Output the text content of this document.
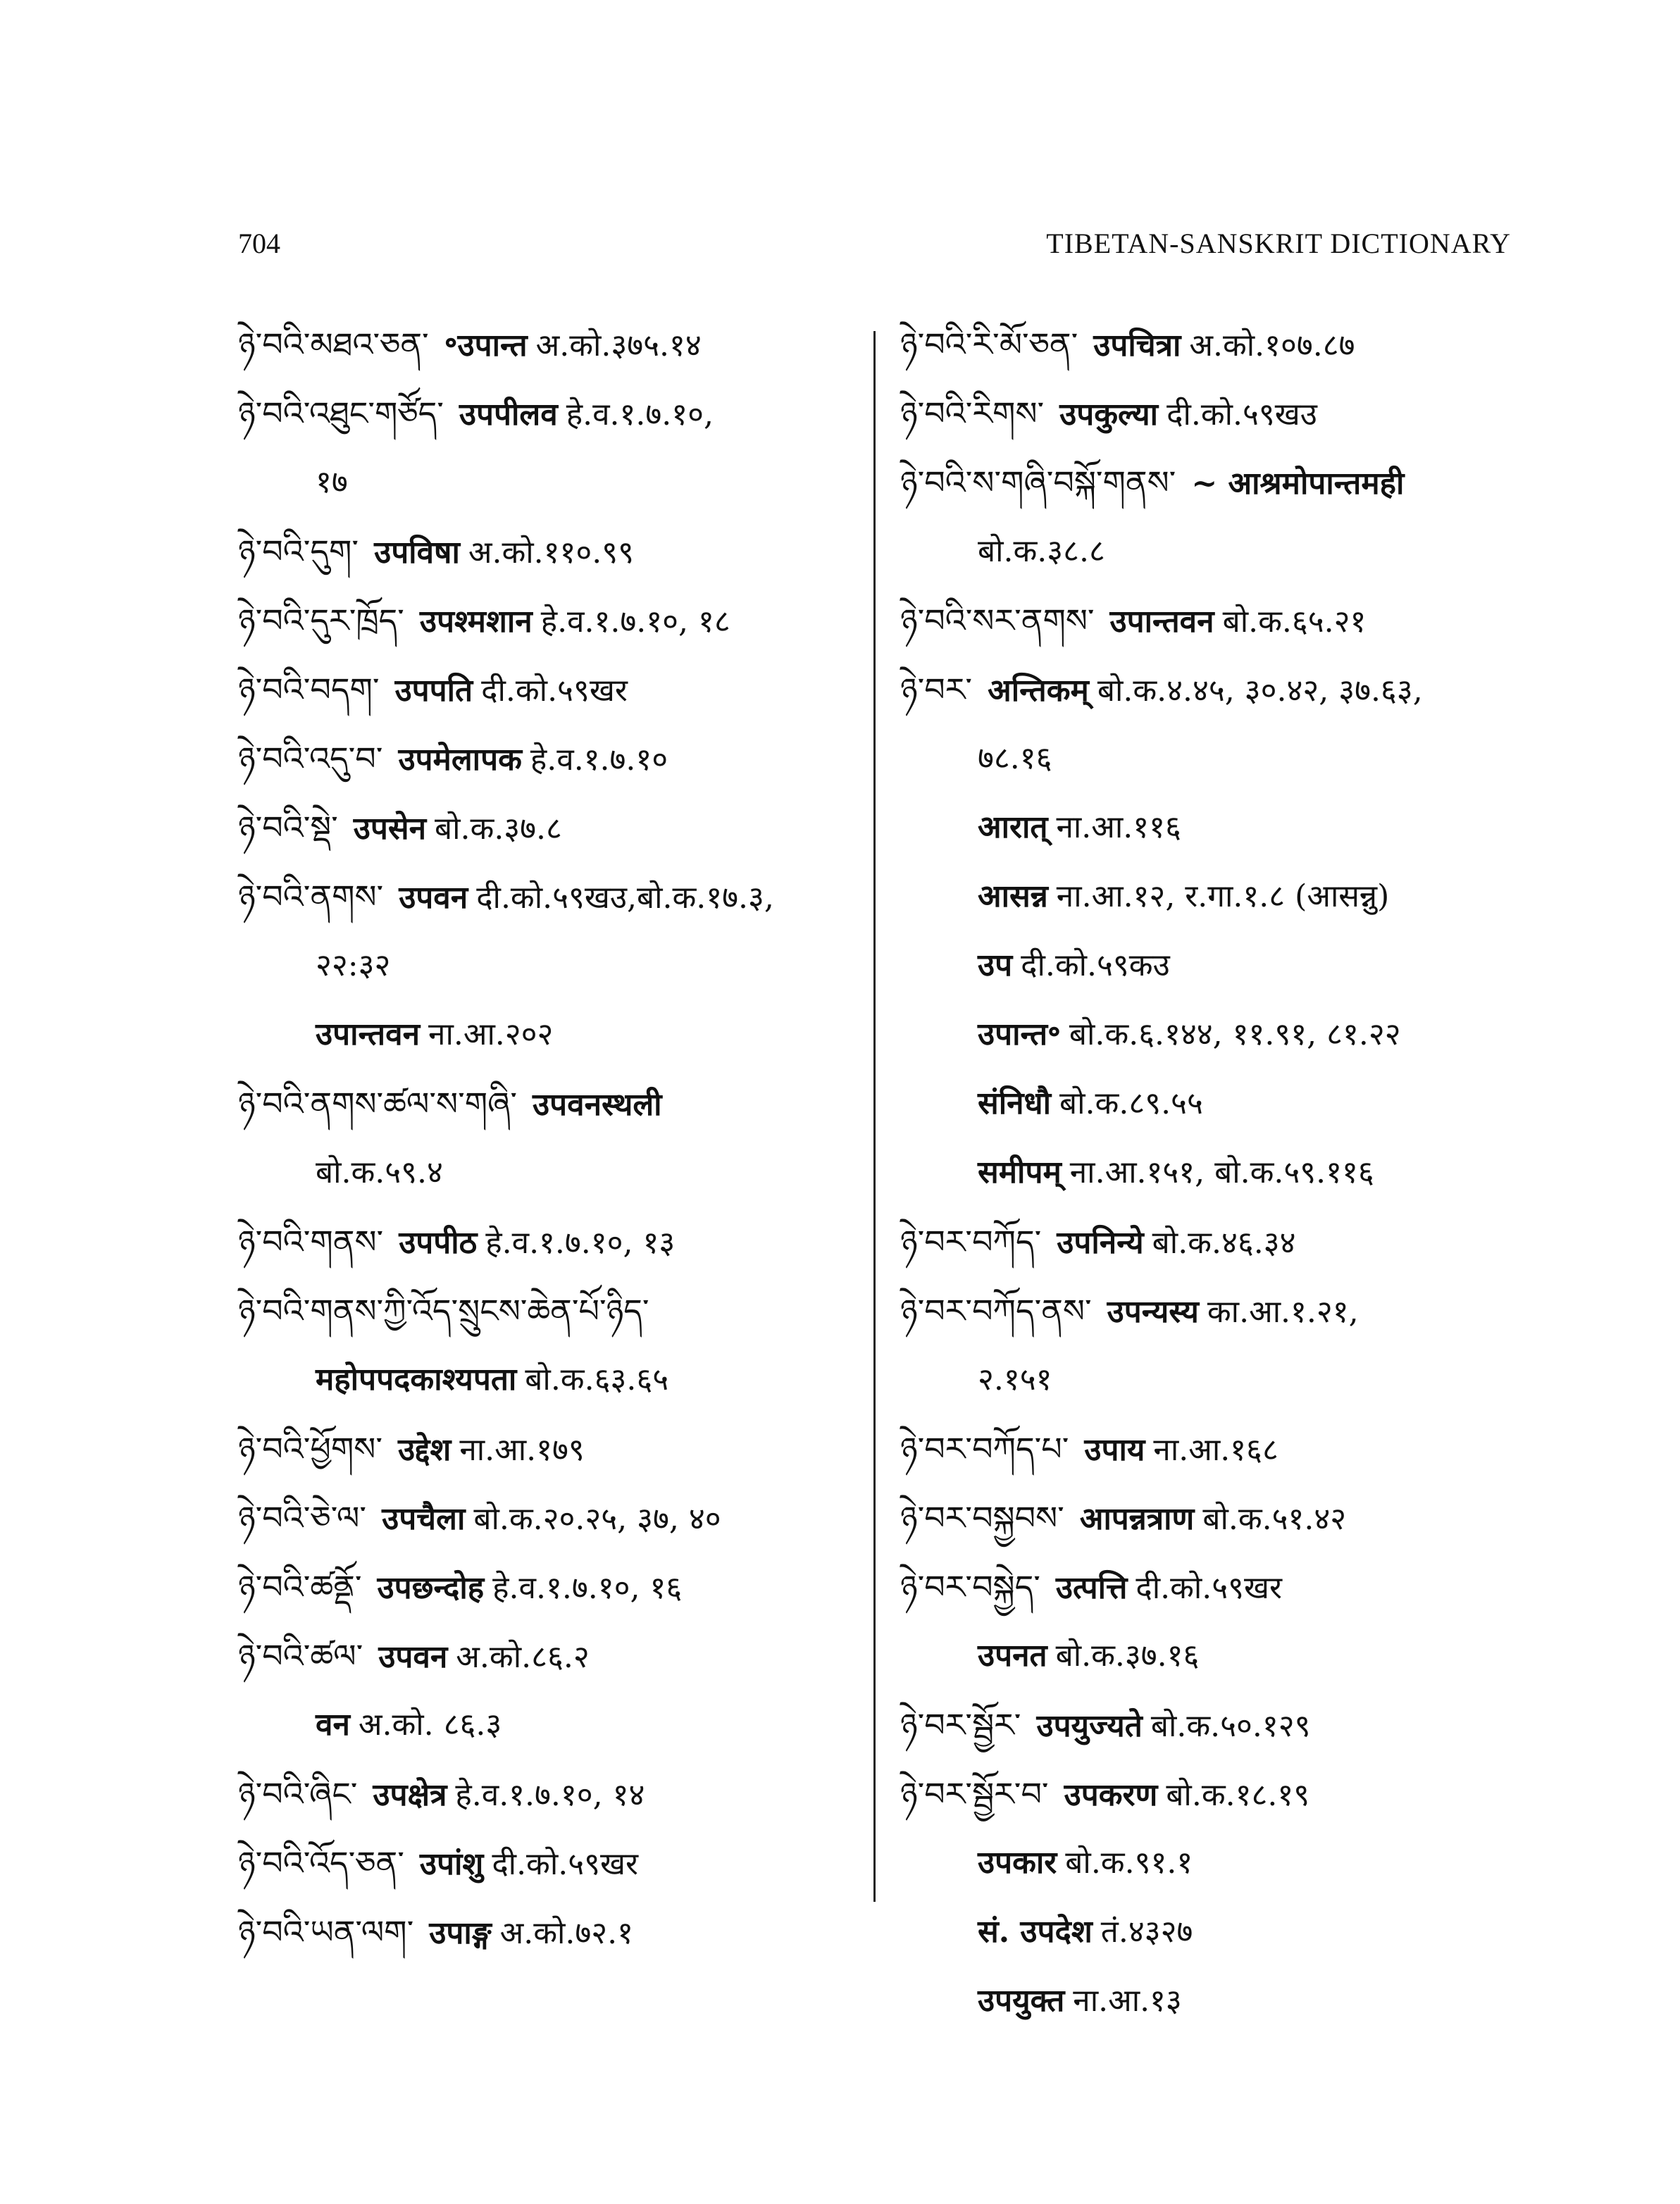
704	TIBETAN-SANSKRIT DICTIONARY
ཉེ་བའི་མཐའ་ཅན་ ॰उपान्त अ.को.३७५.१४
ཉེ་བའི་འཐུང་གཙོད་ उपपीलव हे.व.१.७.१०,
१७
ཉེ་བའི་དུག་ उपविषा अ.को.११०.९९
ཉེ་བའི་དུར་ཁྲོད་ उपश्मशान हे.व.१.७.१०, १८
ཉེ་བའི་བདག་ उपपति दी.को.५९खर
ཉེ་བའི་འདུ་བ་ उपमेलापक हे.व.१.७.१०
ཉེ་བའི་སྡེ་ उपसेन बो.क.३७.८
ཉེ་བའི་ནགས་ उपवन दी.को.५९खउ,बो.क.१७.३,
२२:३२
उपान्तवन ना.आ.२०२
ཉེ་བའི་ནགས་ཚལ་ས་གཞི་ उपवनस्थली
बो.क.५९.४
ཉེ་བའི་གནས་ उपपीठ हे.व.१.७.१०, १३
ཉེ་བའི་གནས་ཀྱི་འོད་སྲུངས་ཆེན་པོ་ཉིད་
महोपपदकाश्यपता बो.क.६३.६५
ཉེ་བའི་ཕྱོགས་ उद्देश ना.आ.१७९
ཉེ་བའི་ཅེ་ལ་ उपचैला बो.क.२०.२५, ३७, ४०
ཉེ་བའི་ཚནྡོ་ उपछन्दोह हे.व.१.७.१०, १६
ཉེ་བའི་ཚལ་ उपवन अ.को.८६.२
वन अ.को. ८६.३
ཉེ་བའི་ཞིང་ उपक्षेत्र हे.व.१.७.१०, १४
ཉེ་བའི་འོད་ཅན་ उपांशु दी.को.५९खर
ཉེ་བའི་ཡན་ལག་ उपाङ्ग अ.को.७२.१
ཉེ་བའི་རི་མོ་ཅན་ उपचित्रा अ.को.१०७.८७
ཉེ་བའི་རིགས་ उपकुल्या दी.को.५९खउ
ཉེ་བའི་ས་གཞི་བསྐོ་གནས་ ~ आश्रमोपान्तमही
बो.क.३८.८
ཉེ་བའི་སར་ནགས་ उपान्तवन बो.क.६५.२१
ཉེ་བར་ अन्तिकम् बो.क.४.४५, ३०.४२, ३७.६३,
७८.१६
आरात् ना.आ.११६
आसन्न ना.आ.१२, र.गा.१.८ (आसन्नु)
उप दी.को.५९कउ
उपान्त॰ बो.क.६.१४४, ११.९१, ८१.२२
संनिधौ बो.क.८९.५५
समीपम् ना.आ.१५१, बो.क.५९.११६
ཉེ་བར་བཀོད་ उपनिन्ये बो.क.४६.३४
ཉེ་བར་བཀོད་ནས་ उपन्यस्य का.आ.१.२१,
२.१५१
ཉེ་བར་བཀོད་པ་ उपाय ना.आ.१६८
ཉེ་བར་བསྐྱབས་ आपन्नत्राण बो.क.५१.४२
ཉེ་བར་བསྐྱེད་ उत्पत्ति दी.को.५९खर
उपनत बो.क.३७.१६
ཉེ་བར་སྦྱོར་ उपयुज्यते बो.क.५०.१२९
ཉེ་བར་སྦྱོར་བ་ उपकरण बो.क.१८.१९
उपकार बो.क.९१.१
सं. उपदेश तं.४३२७
उपयुक्त ना.आ.१३
